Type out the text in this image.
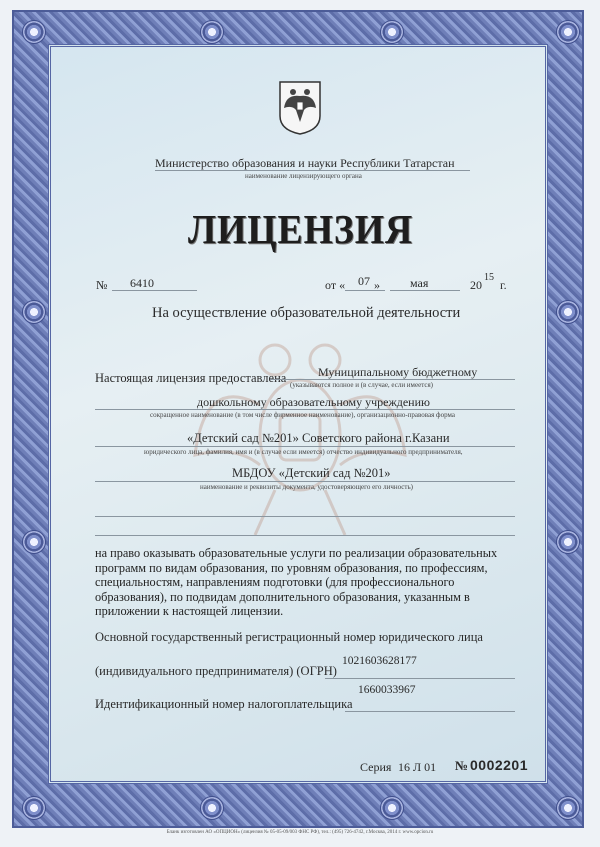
Министерство образования и науки Республики Татарстан
наименование лицензирующего органа
ЛИЦЕНЗИЯ
№ 6410	от « 07 »	мая	20
15
г.
На осуществление образовательной деятельности
Настоящая лицензия предоставлена	Муниципальному бюджетному
(указываются полное и (в случае, если имеется)
дошкольному образовательному учреждению
сокращенное наименование (в том числе фирменное наименование), организационно-правовая форма
«Детский сад №201» Советского района г.Казани
юридического лица, фамилия, имя и (в случае если имеется) отчество индивидуального предпринимателя,
МБДОУ «Детский сад №201»
наименование и реквизиты документа, удостоверяющего его личность)
на право оказывать образовательные услуги по реализации образовательных
программ по видам образования, по уровням образования, по профессиям,
специальностям, направлениям подготовки (для профессионального
образования), по подвидам дополнительного образования, указанным в
приложении к настоящей лицензии.
Основной государственный регистрационный номер юридического лица
(индивидуального предпринимателя) (ОГРН)
1021603628177
1660033967
Идентификационный номер налогоплательщика
Серия 16 Л 01 № 0002201
Бланк изготовлен АО «ОПЦИОН» (лицензия № 05-05-09/003 ФНС РФ), тел.: (495) 726-4742, г.Москва, 2014 г. www.opcion.ru
